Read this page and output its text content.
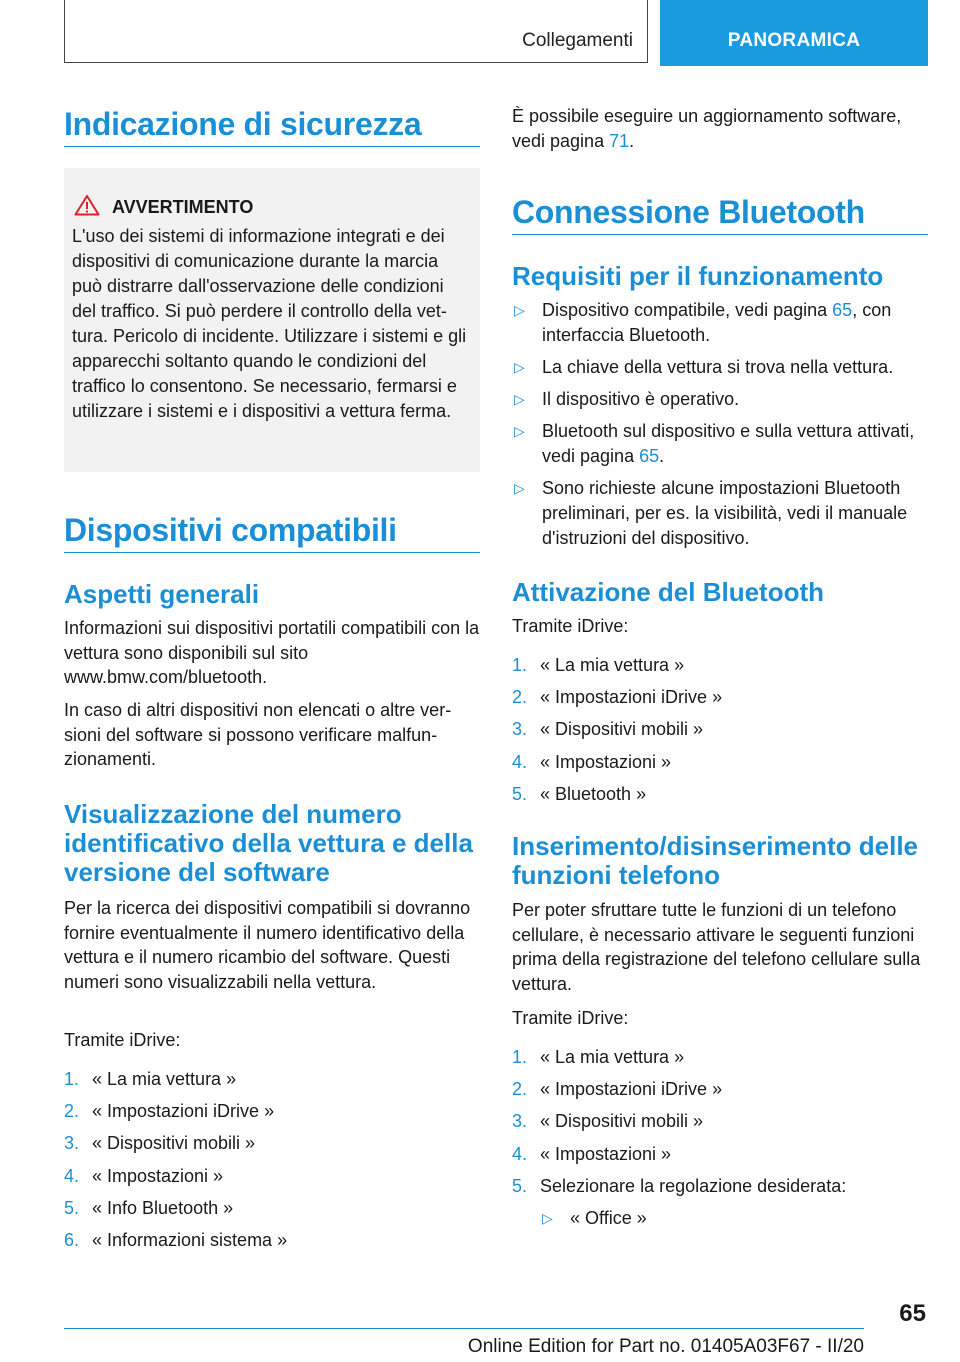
Collegamenti	PANORAMICA
Indicazione di sicurezza
AVVERTIMENTO
L'uso dei sistemi di informazione integrati e dei dispositivi di comunicazione durante la marcia può distrarre dall'osservazione delle condizioni del traffico. Si può perdere il controllo della vettura. Pericolo di incidente. Utilizzare i sistemi e gli apparecchi soltanto quando le condizioni del traffico lo consentono. Se necessario, fermarsi e utilizzare i sistemi e i dispositivi a vettura ferma.
Dispositivi compatibili
Aspetti generali

Informazioni sui dispositivi portatili compatibili con la vettura sono disponibili sul sito www.bmw.com/bluetooth.

In caso di altri dispositivi non elencati o altre versioni del software si possono verificare malfunzionamenti.

Visualizzazione del numero identificativo della vettura e della versione del software

Per la ricerca dei dispositivi compatibili si dovranno fornire eventualmente il numero identificativo della vettura e il numero ricambio del software. Questi numeri sono visualizzabili nella vettura.

Tramite iDrive:

1. « La mia vettura »
2. « Impostazioni iDrive »
3. « Dispositivi mobili »
4. « Impostazioni »
5. « Info Bluetooth »
6. « Informazioni sistema »

È possibile eseguire un aggiornamento software, vedi pagina 71.

Connessione Bluetooth
Requisiti per il funzionamento
▷ Dispositivo compatibile, vedi pagina 65, con interfaccia Bluetooth.
▷ La chiave della vettura si trova nella vettura.
▷ Il dispositivo è operativo.
▷ Bluetooth sul dispositivo e sulla vettura attivati, vedi pagina 65.
▷ Sono richieste alcune impostazioni Bluetooth preliminari, per es. la visibilità, vedi il manuale d'istruzioni del dispositivo.
Attivazione del Bluetooth

Tramite iDrive:

1. « La mia vettura »
2. « Impostazioni iDrive »
3. « Dispositivi mobili »
4. « Impostazioni »
5. « Bluetooth »
Inserimento/disinserimento delle funzioni telefono

Per poter sfruttare tutte le funzioni di un telefono cellulare, è necessario attivare le seguenti funzioni prima della registrazione del telefono cellulare sulla vettura.

Tramite iDrive:

1. « La mia vettura »
2. « Impostazioni iDrive »
3. « Dispositivi mobili »
4. « Impostazioni »
5. Selezionare la regolazione desiderata:
▷ « Office »
65
Online Edition for Part no. 01405A03F67 - II/20
